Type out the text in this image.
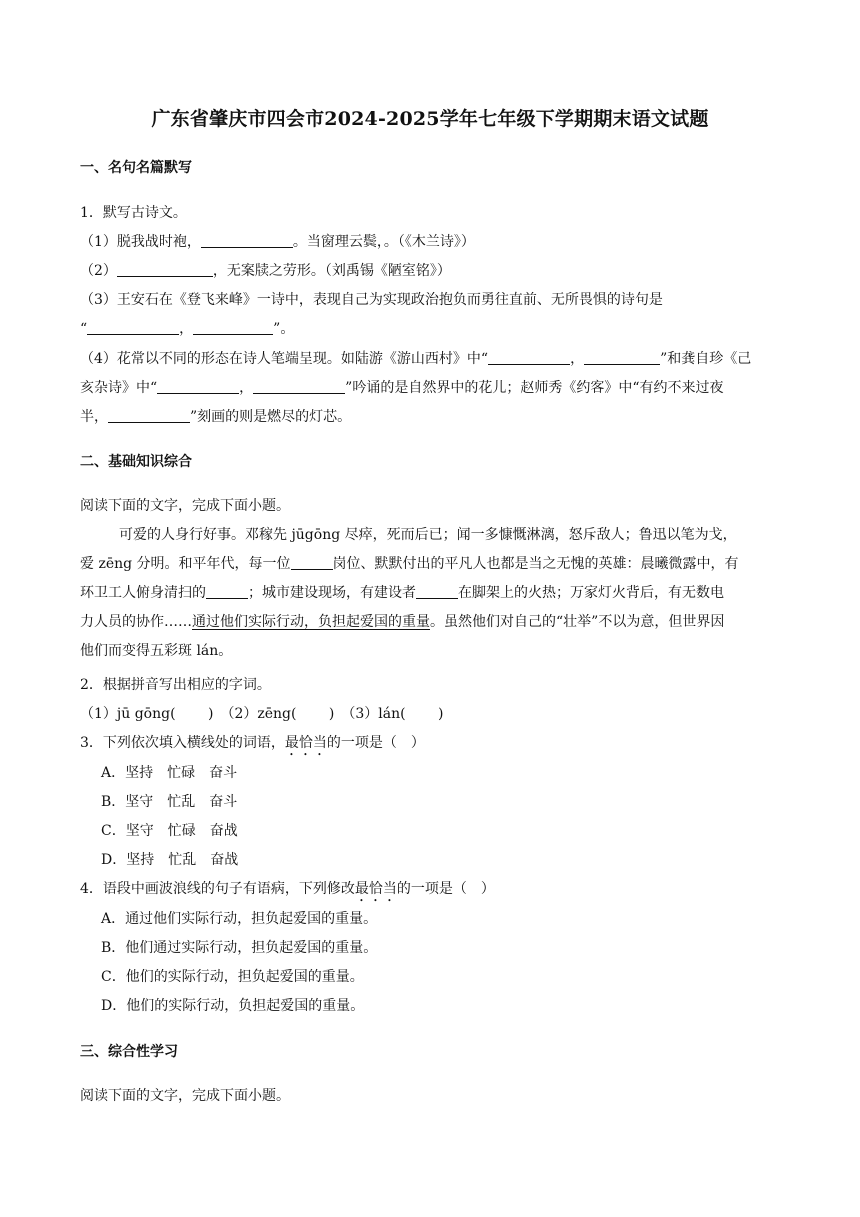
广东省肇庆市四会市2024-2025学年七年级下学期期末语文试题
一、名句名篇默写
1．默写古诗文。
（1）脱我战时袍，	。当窗理云鬓，。（《木兰诗》）
（2）	，无案牍之劳形。（刘禹锡《陋室铭》）
（3）王安石在《登飞来峰》一诗中，表现自己为实现政治抱负而勇往直前、无所畏惧的诗句是
“	，	”。
（4）花常以不同的形态在诗人笔端呈现。如陆游《游山西村》中“	，	”和龚自珍《己
亥杂诗》中“	，	”吟诵的是自然界中的花儿；赵师秀《约客》中“有约不来过夜
半，	”刻画的则是燃尽的灯芯。
二、基础知识综合
阅读下面的文字，完成下面小题。
可爱的人身行好事。邓稼先 jūgōng 尽瘁，死而后已；闻一多慷慨淋漓，怒斥敌人；鲁迅以笔为戈，
爱 zēng 分明。和平年代，每一位	岗位、默默付出的平凡人也都是当之无愧的英雄：晨曦微露中，有
环卫工人俯身清扫的	；城市建设现场，有建设者	在脚架上的火热；万家灯火背后，有无数电
力人员的协作……通过他们实际行动，负担起爱国的重量。虽然他们对自己的“壮举”不以为意，但世界因
他们而变得五彩斑 lán。
2．根据拼音写出相应的字词。
（1）jū gōng(　　 )　（2）zēng(　　 )　（3）lán(　　 )
3．下列依次填入横线处的词语，最恰当的一项是（　）
A．坚持　忙碌　奋斗
B．坚守　忙乱　奋斗
C．坚守　忙碌　奋战
D．坚持　忙乱　奋战
4．语段中画波浪线的句子有语病，下列修改最恰当的一项是（　）
A．通过他们实际行动，担负起爱国的重量。
B．他们通过实际行动，担负起爱国的重量。
C．他们的实际行动，担负起爱国的重量。
D．他们的实际行动，负担起爱国的重量。
三、综合性学习
阅读下面的文字，完成下面小题。
